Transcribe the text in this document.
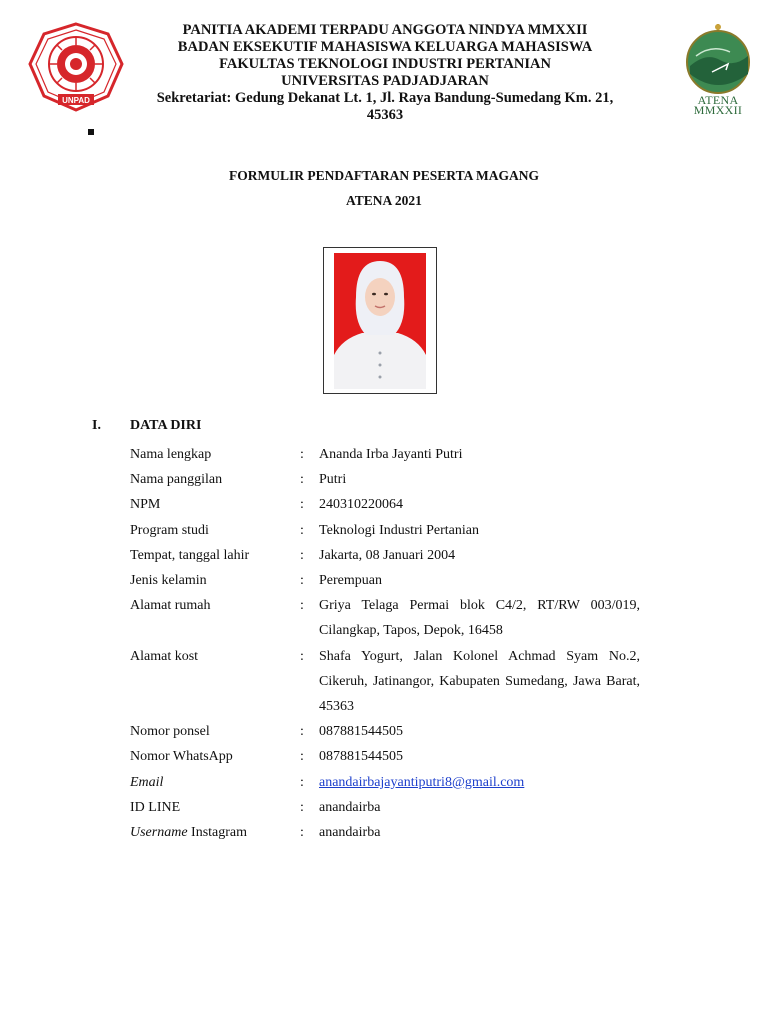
UNPAD
PANITIA AKADEMI TERPADU ANGGOTA NINDYA MMXXII
BADAN EKSEKUTIF MAHASISWA KELUARGA MAHASISWA
FAKULTAS TEKNOLOGI INDUSTRI PERTANIAN
UNIVERSITAS PADJADJARAN
Sekretariat: Gedung Dekanat Lt. 1, Jl. Raya Bandung-Sumedang Km. 21, 45363
ATENA
MMXXII
FORMULIR PENDAFTARAN PESERTA MAGANG
ATENA 2021
I. DATA DIRI
Nama lengkap	:	Ananda Irba Jayanti Putri
Nama panggilan	:	Putri
NPM	:	240310220064
Program studi	:	Teknologi Industri Pertanian
Tempat, tanggal lahir	:	Jakarta, 08 Januari 2004
Jenis kelamin	:	Perempuan
Alamat rumah	:	Griya Telaga Permai blok C4/2, RT/RW 003/019, Cilangkap, Tapos, Depok, 16458
Alamat kost	:	Shafa Yogurt, Jalan Kolonel Achmad Syam No.2, Cikeruh, Jatinangor, Kabupaten Sumedang, Jawa Barat, 45363
Nomor ponsel	:	087881544505
Nomor WhatsApp	:	087881544505
Email	:	anandairbajayantiputri8@gmail.com
ID LINE	:	anandairba
Username Instagram	:	anandairba
